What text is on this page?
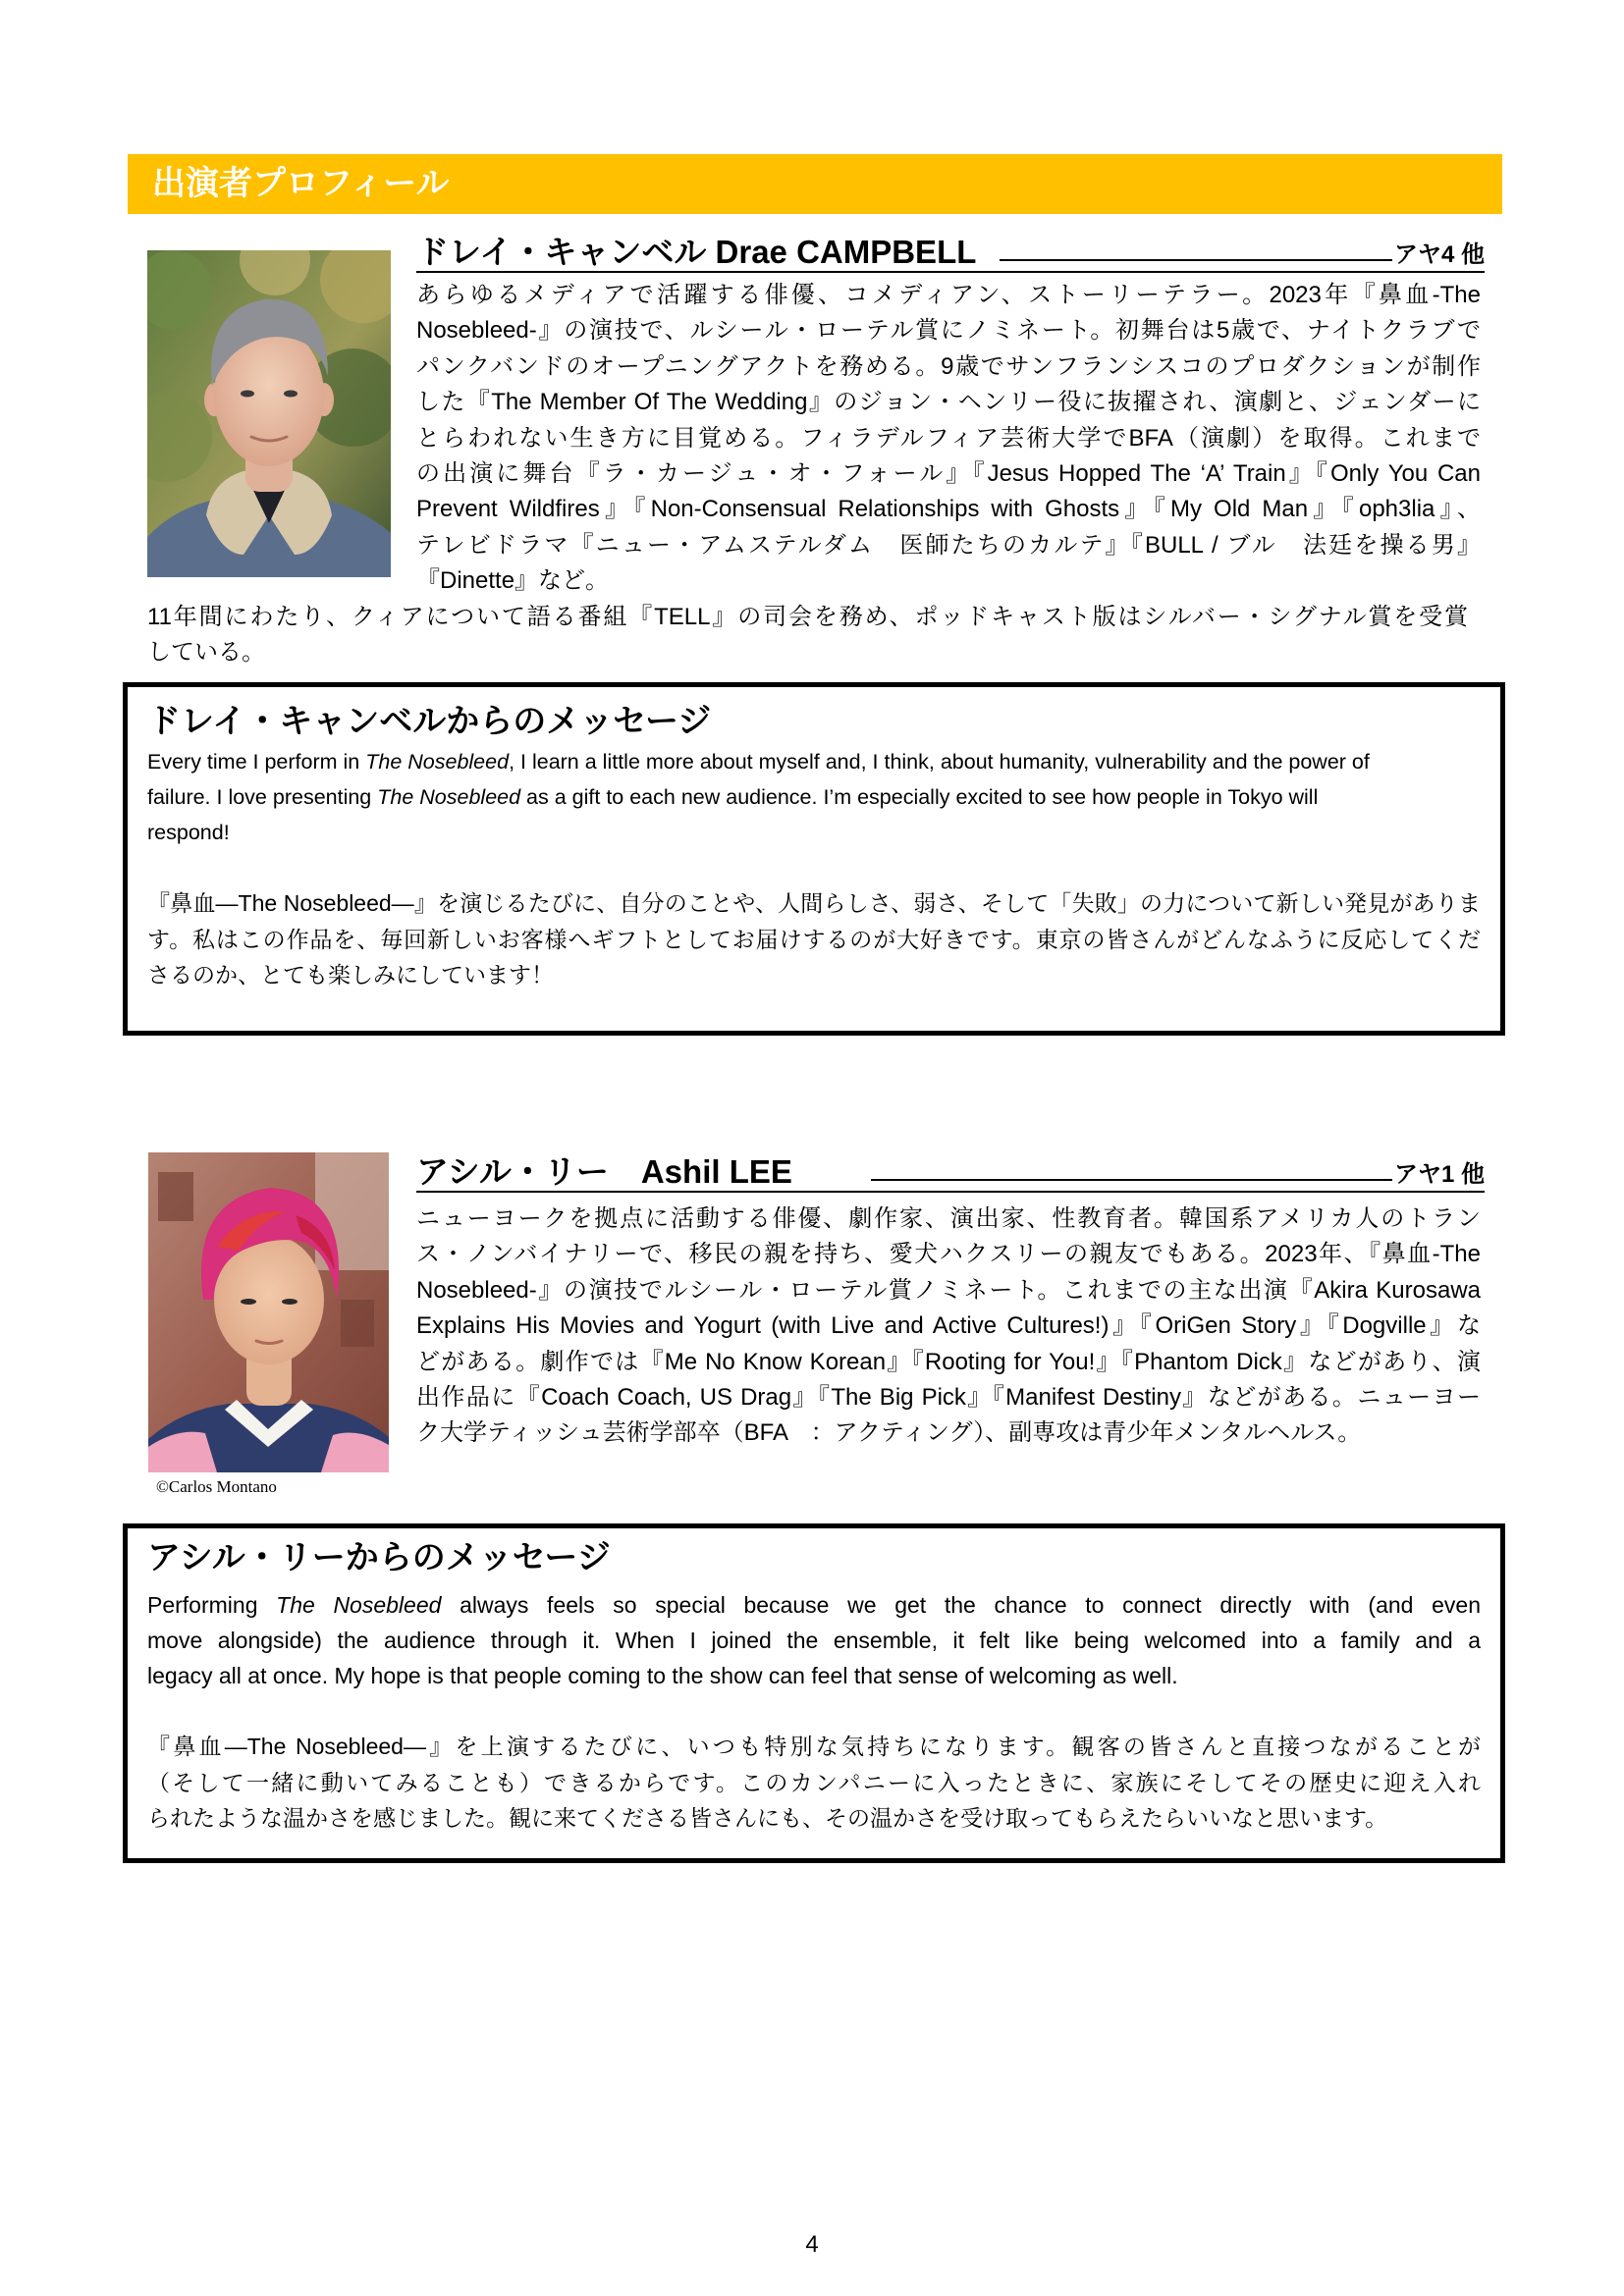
出演者プロフィール
ドレイ・キャンベル Drae CAMPBELL	アヤ4 他
あらゆるメディアで活躍する俳優、コメディアン、ストーリーテラー。2023年『鼻血-The
Nosebleed-』の演技で、ルシール・ローテル賞にノミネート。初舞台は5歳で、ナイトクラブで
パンクバンドのオープニングアクトを務める。9歳でサンフランシスコのプロダクションが制作
した『The Member Of The Wedding』のジョン・ヘンリー役に抜擢され、演劇と、ジェンダーに
とらわれない生き方に目覚める。フィラデルフィア芸術大学でBFA（演劇）を取得。これまで
の出演に舞台『ラ・カージュ・オ・フォール』『Jesus Hopped The ‘A’ Train』『Only You Can
Prevent Wildfires』『Non-Consensual Relationships with Ghosts』『My Old Man』『oph3lia』、
テレビドラマ『ニュー・アムステルダム　医師たちのカルテ』『BULL / ブル　法廷を操る男』
『Dinette』など。
11年間にわたり、クィアについて語る番組『TELL』の司会を務め、ポッドキャスト版はシルバー・シグナル賞を受賞
している。
ドレイ・キャンベルからのメッセージ
Every time I perform in The Nosebleed, I learn a little more about myself and, I think, about humanity, vulnerability and the power of
failure. I love presenting The Nosebleed as a gift to each new audience. I’m especially excited to see how people in Tokyo will
respond!
『鼻血—The Nosebleed—』を演じるたびに、自分のことや、人間らしさ、弱さ、そして「失敗」の力について新しい発見がありま
す。私はこの作品を、毎回新しいお客様へギフトとしてお届けするのが大好きです。東京の皆さんがどんなふうに反応してくだ
さるのか、とても楽しみにしています！
©Carlos Montano
アシル・リー　Ashil LEE	アヤ1 他
ニューヨークを拠点に活動する俳優、劇作家、演出家、性教育者。韓国系アメリカ人のトラン
ス・ノンバイナリーで、移民の親を持ち、愛犬ハクスリーの親友でもある。2023年、『鼻血-The
Nosebleed-』の演技でルシール・ローテル賞ノミネート。これまでの主な出演『Akira Kurosawa
Explains His Movies and Yogurt (with Live and Active Cultures!)』『OriGen Story』『Dogville』な
どがある。劇作では『Me No Know Korean』『Rooting for You!』『Phantom Dick』などがあり、演
出作品に『Coach Coach, US Drag』『The Big Pick』『Manifest Destiny』などがある。ニューヨー
ク大学ティッシュ芸術学部卒（BFA　：アクティング）、副専攻は青少年メンタルヘルス。
アシル・リーからのメッセージ
Performing The Nosebleed always feels so special because we get the chance to connect directly with (and even
move alongside) the audience through it. When I joined the ensemble, it felt like being welcomed into a family and a
legacy all at once. My hope is that people coming to the show can feel that sense of welcoming as well.
『鼻血—The Nosebleed—』を上演するたびに、いつも特別な気持ちになります。観客の皆さんと直接つながることが
（そして一緒に動いてみることも）できるからです。このカンパニーに入ったときに、家族にそしてその歴史に迎え入れ
られたような温かさを感じました。観に来てくださる皆さんにも、その温かさを受け取ってもらえたらいいなと思います。
4
